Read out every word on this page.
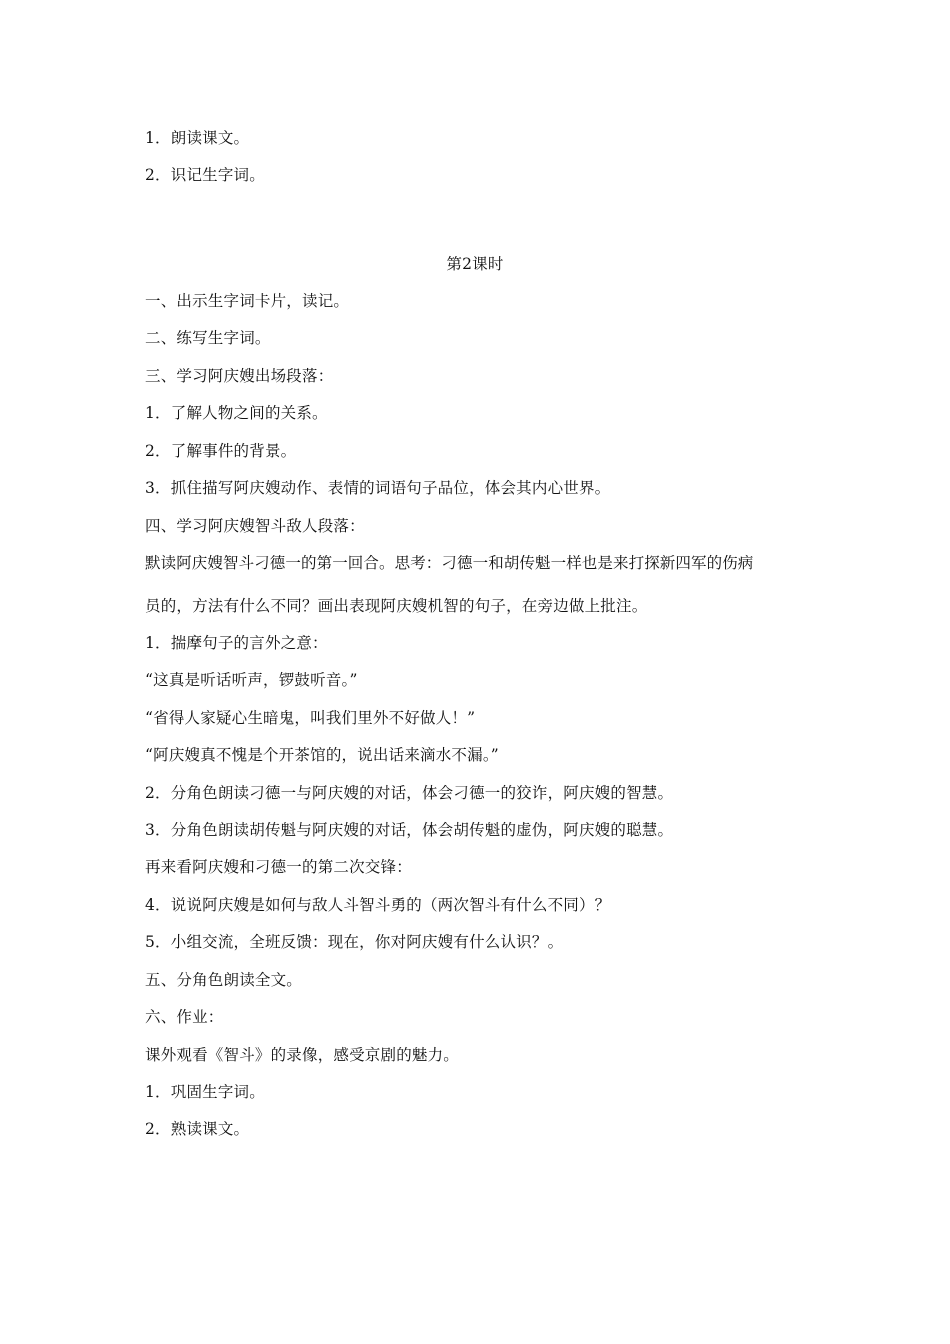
1．朗读课文。
2．识记生字词。
第2课时
一、出示生字词卡片，读记。
二、练写生字词。
三、学习阿庆嫂出场段落：
1．了解人物之间的关系。
2．了解事件的背景。
3．抓住描写阿庆嫂动作、表情的词语句子品位，体会其内心世界。
四、学习阿庆嫂智斗敌人段落：
默读阿庆嫂智斗刁德一的第一回合。思考：刁德一和胡传魁一样也是来打探新四军的伤病
员的，方法有什么不同？画出表现阿庆嫂机智的句子，在旁边做上批注。
1．揣摩句子的言外之意：
“这真是听话听声，锣鼓听音。”
“省得人家疑心生暗鬼，叫我们里外不好做人！”
“阿庆嫂真不愧是个开茶馆的，说出话来滴水不漏。”
2．分角色朗读刁德一与阿庆嫂的对话，体会刁德一的狡诈，阿庆嫂的智慧。
3．分角色朗读胡传魁与阿庆嫂的对话，体会胡传魁的虚伪，阿庆嫂的聪慧。
再来看阿庆嫂和刁德一的第二次交锋：
4．说说阿庆嫂是如何与敌人斗智斗勇的（两次智斗有什么不同）？
5．小组交流，全班反馈：现在，你对阿庆嫂有什么认识？。
五、分角色朗读全文。
六、作业：
课外观看《智斗》的录像，感受京剧的魅力。
1．巩固生字词。
2．熟读课文。
